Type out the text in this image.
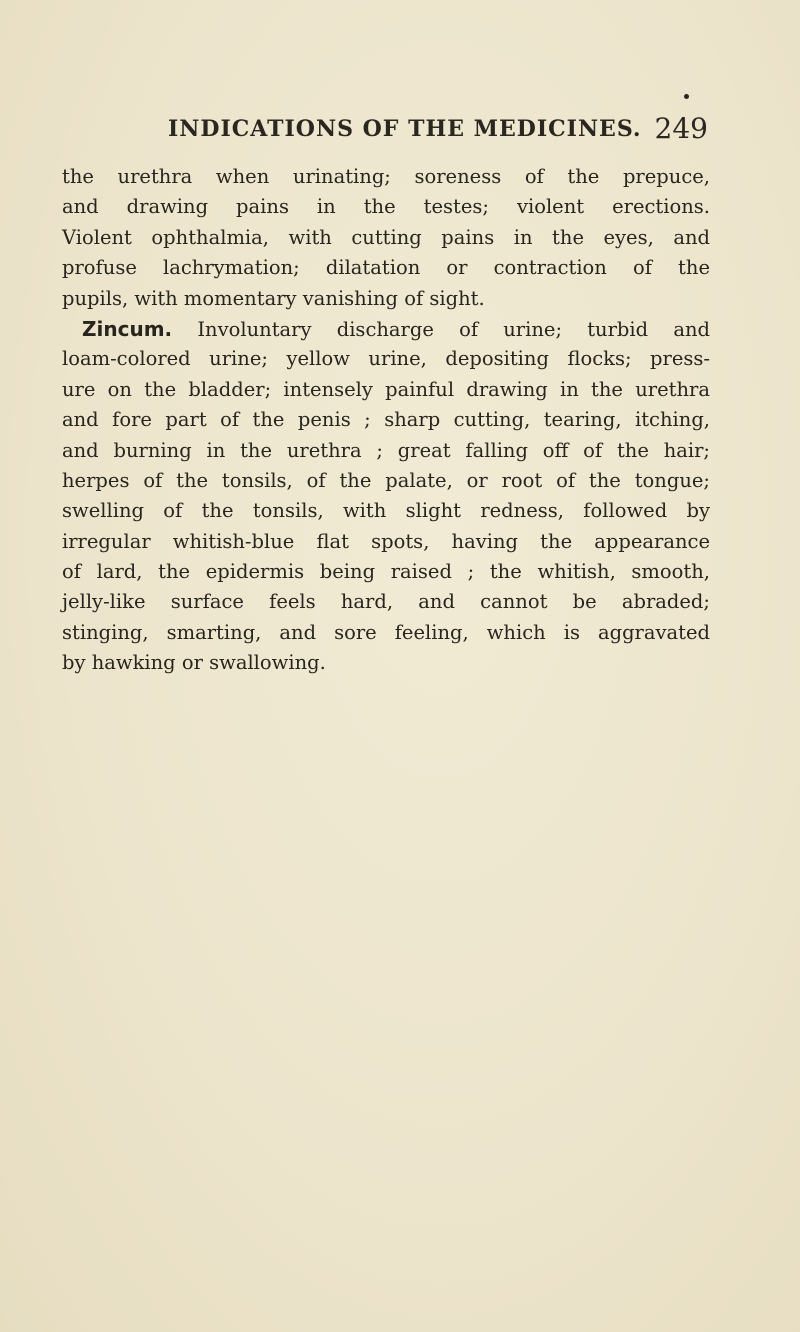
INDICATIONS OF THE MEDICINES. 249
the urethra when urinating; soreness of the prepuce,
and drawing pains in the testes; violent erections.
Violent ophthalmia, with cutting pains in the eyes, and
profuse lachrymation; dilatation or contraction of the
pupils, with momentary vanishing of sight.
Zincum. Involuntary discharge of urine; turbid and
loam-colored urine; yellow urine, depositing flocks; press-
ure on the bladder; intensely painful drawing in the urethra
and fore part of the penis ; sharp cutting, tearing, itching,
and burning in the urethra ; great falling off of the hair;
herpes of the tonsils, of the palate, or root of the tongue;
swelling of the tonsils, with slight redness, followed by
irregular whitish-blue flat spots, having the appearance
of lard, the epidermis being raised ; the whitish, smooth,
jelly-like surface feels hard, and cannot be abraded;
stinging, smarting, and sore feeling, which is aggravated
by hawking or swallowing.
